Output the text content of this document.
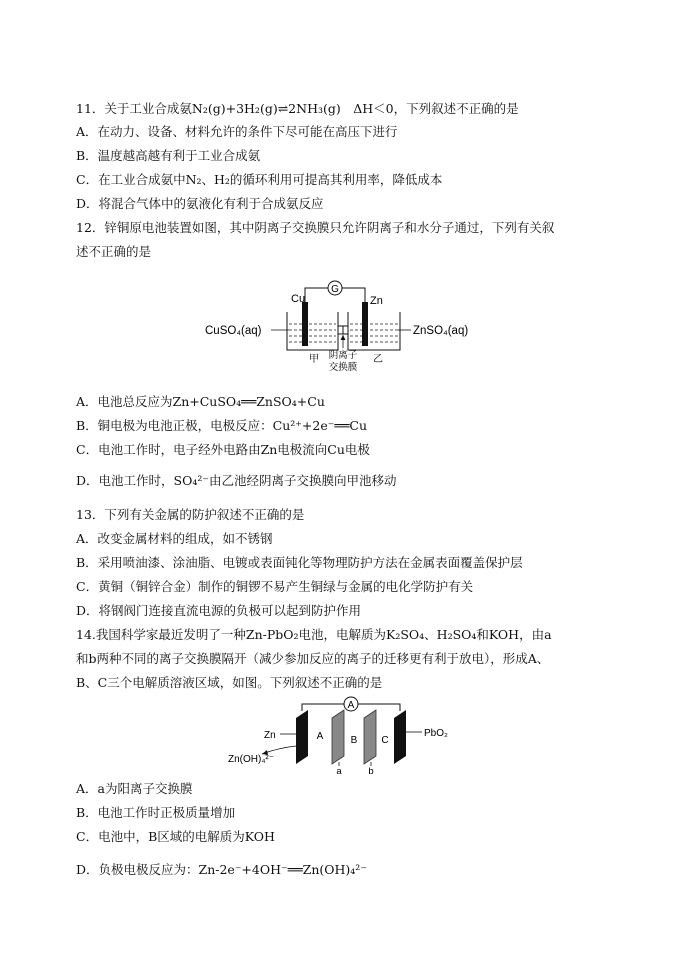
11．关于工业合成氨N₂(g)+3H₂(g)⇌2NH₃(g)　ΔH＜0，下列叙述不正确的是
A．在动力、设备、材料允许的条件下尽可能在高压下进行
B．温度越高越有利于工业合成氨
C．在工业合成氨中N₂、H₂的循环利用可提高其利用率，降低成本
D．将混合气体中的氨液化有利于合成氨反应
12．锌铜原电池装置如图，其中阴离子交换膜只允许阴离子和水分子通过，下列有关叙
述不正确的是
G
Cu	Zn
CuSO₄(aq)	ZnSO₄(aq)
甲	乙
阴离子
交换膜
A．电池总反应为Zn+CuSO₄══ZnSO₄+Cu
B．铜电极为电池正极，电极反应：Cu²⁺+2e⁻══Cu
C．电池工作时，电子经外电路由Zn电极流向Cu电极
D．电池工作时，SO₄²⁻由乙池经阴离子交换膜向甲池移动
13．下列有关金属的防护叙述不正确的是
A．改变金属材料的组成，如不锈钢
B．采用喷油漆、涂油脂、电镀或表面钝化等物理防护方法在金属表面覆盖保护层
C．黄铜（铜锌合金）制作的铜锣不易产生铜绿与金属的电化学防护有关
D．将钢阀门连接直流电源的负极可以起到防护作用
14.我国科学家最近发明了一种Zn-PbO₂电池，电解质为K₂SO₄、H₂SO₄和KOH，由a
和b两种不同的离子交换膜隔开（减少参加反应的离子的迁移更有利于放电），形成A、
B、C三个电解质溶液区域，如图。下列叙述不正确的是
A
A	B C
a	b
Zn
Zn(OH)₄²⁻
PbO₂
A．a为阳离子交换膜
B．电池工作时正极质量增加
C．电池中，B区域的电解质为KOH
D．负极电极反应为：Zn-2e⁻+4OH⁻══Zn(OH)₄²⁻
